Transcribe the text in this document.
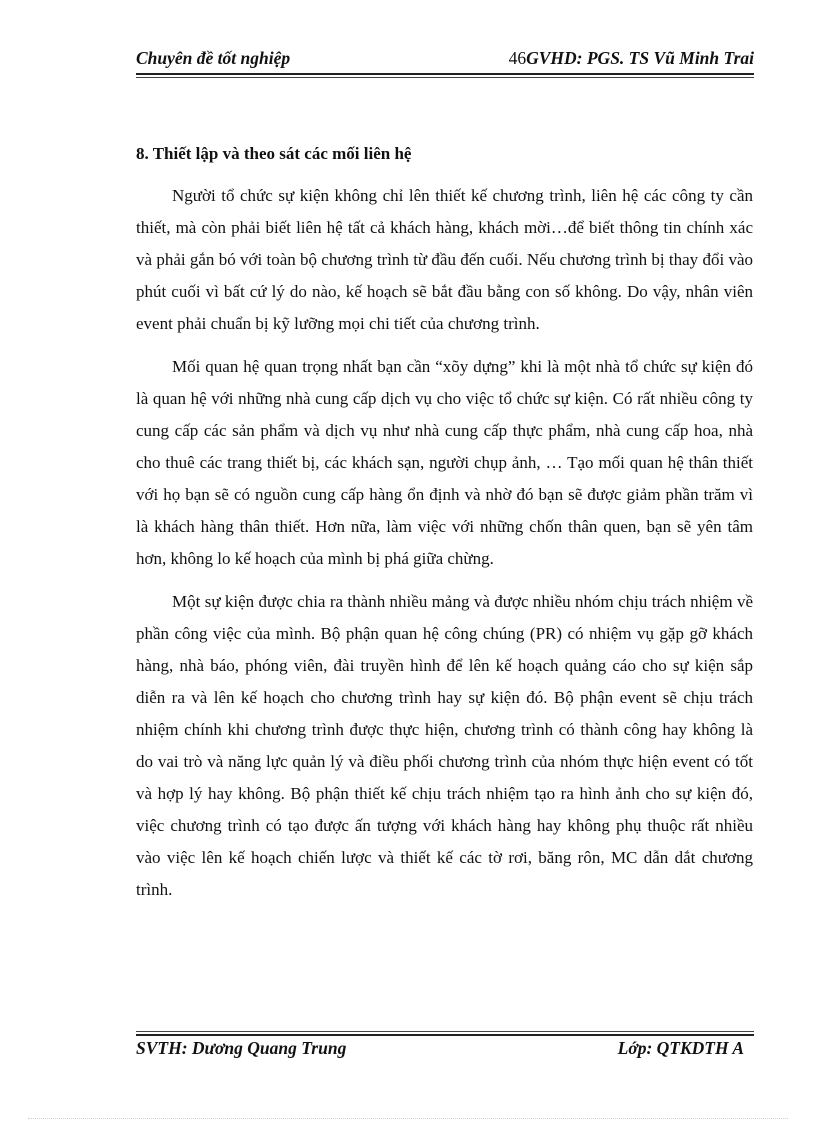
Chuyên đề tốt nghiệp	46GVHD: PGS. TS Vũ Minh Trai
8. Thiết lập và theo sát các mối liên hệ

Người tổ chức sự kiện không chỉ lên thiết kế chương trình, liên hệ các công ty cần thiết, mà còn phải biết liên hệ tất cả khách hàng, khách mời…để biết thông tin chính xác và phải gắn bó với toàn bộ chương trình từ đầu đến cuối. Nếu chương trình bị thay đổi vào phút cuối vì bất cứ lý do nào, kế hoạch sẽ bắt đầu bằng con số không. Do vậy, nhân viên event phải chuẩn bị kỹ lưỡng mọi chi tiết của chương trình.

Mối quan hệ quan trọng nhất bạn cần “xõy dựng” khi là một nhà tổ chức sự kiện đó là quan hệ với những nhà cung cấp dịch vụ cho việc tổ chức sự kiện. Có rất nhiều công ty cung cấp các sản phẩm và dịch vụ như nhà cung cấp thực phẩm, nhà cung cấp hoa, nhà cho thuê các trang thiết bị, các khách sạn, người chụp ảnh, … Tạo mối quan hệ thân thiết với họ bạn sẽ có nguồn cung cấp hàng ổn định và nhờ đó bạn sẽ được giảm phần trăm vì là khách hàng thân thiết. Hơn nữa, làm việc với những chốn thân quen, bạn sẽ yên tâm hơn, không lo kế hoạch của mình bị phá giữa chừng.

Một sự kiện được chia ra thành nhiều mảng và được nhiều nhóm chịu trách nhiệm về phần công việc của mình. Bộ phận quan hệ công chúng (PR) có nhiệm vụ gặp gỡ khách hàng, nhà báo, phóng viên, đài truyền hình để lên kế hoạch quảng cáo cho sự kiện sắp diễn ra và lên kế hoạch cho chương trình hay sự kiện đó. Bộ phận event sẽ chịu trách nhiệm chính khi chương trình được thực hiện, chương trình có thành công hay không là do vai trò và năng lực quản lý và điều phối chương trình của nhóm thực hiện event có tốt và hợp lý hay không. Bộ phận thiết kế chịu trách nhiệm tạo ra hình ảnh cho sự kiện đó, việc chương trình có tạo được ấn tượng với khách hàng hay không phụ thuộc rất nhiều vào việc lên kế hoạch chiến lược và thiết kế các tờ rơi, băng rôn, MC dẫn dắt chương trình.

SVTH: Dương Quang Trung	Lớp: QTKDTH A
